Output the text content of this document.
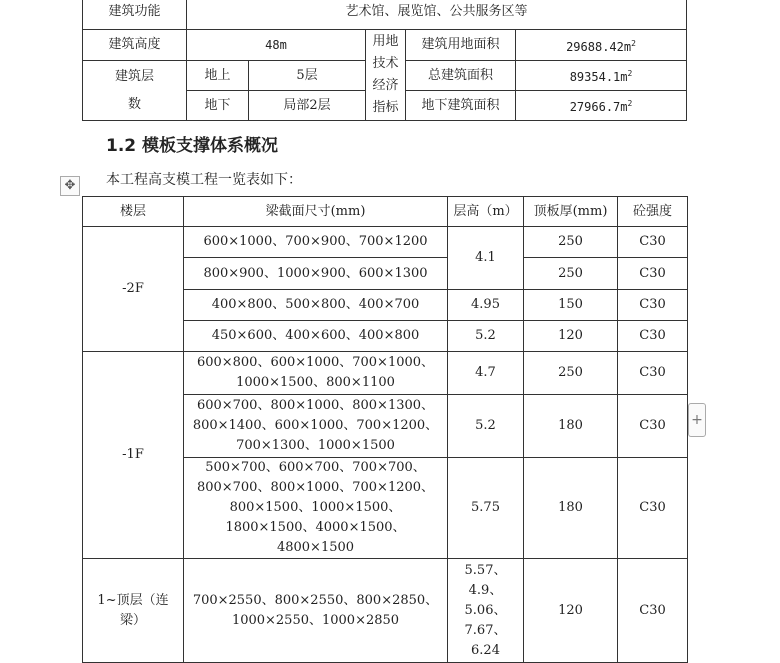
建筑功能	艺术馆、展览馆、公共服务区等				
建筑高度	48m		用地技术经济指标	建筑用地面积	$29688.42m^2$
建筑层数	地上	5层		总建筑面积	$89354.1m^2$
	地下	局部2层		地下建筑面积	$27966.7m^2$
1.2 模板支撑体系概况
本工程高支模工程一览表如下：
✥
楼层	梁截面尺寸(mm)	层高（m）	顶板厚(mm)	砼强度
-2F	600×1000、700×900、700×1200	4.1	250	C30
	800×900、1000×900、600×1300		250	C30
	400×800、500×800、400×700	4.95	150	C30
	450×600、400×600、400×800	5.2	120	C30
-1F	600×800、600×1000、700×1000、1000×1500、800×1100	4.7	250	C30
	600×700、800×1000、800×1300、800×1400、600×1000、700×1200、700×1300、1000×1500	5.2	180	C30
	500×700、600×700、700×700、800×700、800×1000、700×1200、800×1500、1000×1500、1800×1500、4000×1500、4800×1500	5.75	180	C30
1~顶层（连梁）	700×2550、800×2550、800×2850、1000×2550、1000×2850	5.57、4.9、5.06、7.67、6.24	120	C30
+
